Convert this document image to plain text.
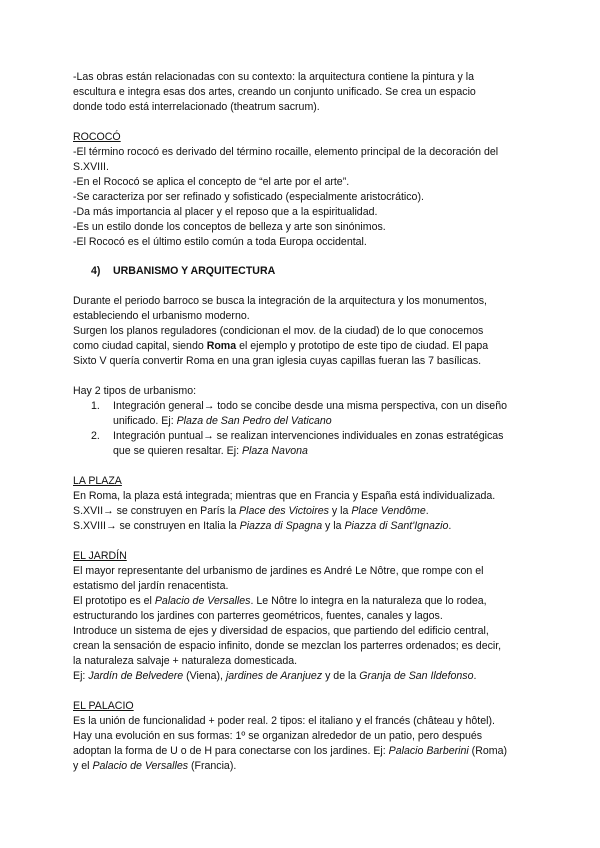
-Las obras están relacionadas con su contexto: la arquitectura contiene la pintura y la
escultura e integra esas dos artes, creando un conjunto unificado. Se crea un espacio
donde todo está interrelacionado (theatrum sacrum).
ROCOCÓ
-El término rococó es derivado del término rocaille, elemento principal de la decoración del
S.XVIII.
-En el Rococó se aplica el concepto de “el arte por el arte”.
-Se caracteriza por ser refinado y sofisticado (especialmente aristocrático).
-Da más importancia al placer y el reposo que a la espiritualidad.
-Es un estilo donde los conceptos de belleza y arte son sinónimos.
-El Rococó es el último estilo común a toda Europa occidental.
4) URBANISMO Y ARQUITECTURA
Durante el periodo barroco se busca la integración de la arquitectura y los monumentos,
estableciendo el urbanismo moderno.
Surgen los planos reguladores (condicionan el mov. de la ciudad) de lo que conocemos
como ciudad capital, siendo Roma el ejemplo y prototipo de este tipo de ciudad. El papa
Sixto V quería convertir Roma en una gran iglesia cuyas capillas fueran las 7 basílicas.
Hay 2 tipos de urbanismo:
1.	Integración general→ todo se concibe desde una misma perspectiva, con un diseño
unificado. Ej: Plaza de San Pedro del Vaticano
2.	Integración puntual→ se realizan intervenciones individuales en zonas estratégicas
que se quieren resaltar. Ej: Plaza Navona
LA PLAZA
En Roma, la plaza está integrada; mientras que en Francia y España está individualizada.
S.XVII→ se construyen en París la Place des Victoires y la Place Vendôme.
S.XVIII→ se construyen en Italia la Piazza di Spagna y la Piazza di Sant'Ignazio.
EL JARDÍN
El mayor representante del urbanismo de jardines es André Le Nôtre, que rompe con el
estatismo del jardín renacentista.
El prototipo es el Palacio de Versalles. Le Nôtre lo integra en la naturaleza que lo rodea,
estructurando los jardines con parterres geométricos, fuentes, canales y lagos.
Introduce un sistema de ejes y diversidad de espacios, que partiendo del edificio central,
crean la sensación de espacio infinito, donde se mezclan los parterres ordenados; es decir,
la naturaleza salvaje + naturaleza domesticada.
Ej: Jardín de Belvedere (Viena), jardines de Aranjuez y de la Granja de San Ildefonso.
EL PALACIO
Es la unión de funcionalidad + poder real. 2 tipos: el italiano y el francés (château y hôtel).
Hay una evolución en sus formas: 1º se organizan alrededor de un patio, pero después
adoptan la forma de U o de H para conectarse con los jardines. Ej: Palacio Barberini (Roma)
y el Palacio de Versalles (Francia).
